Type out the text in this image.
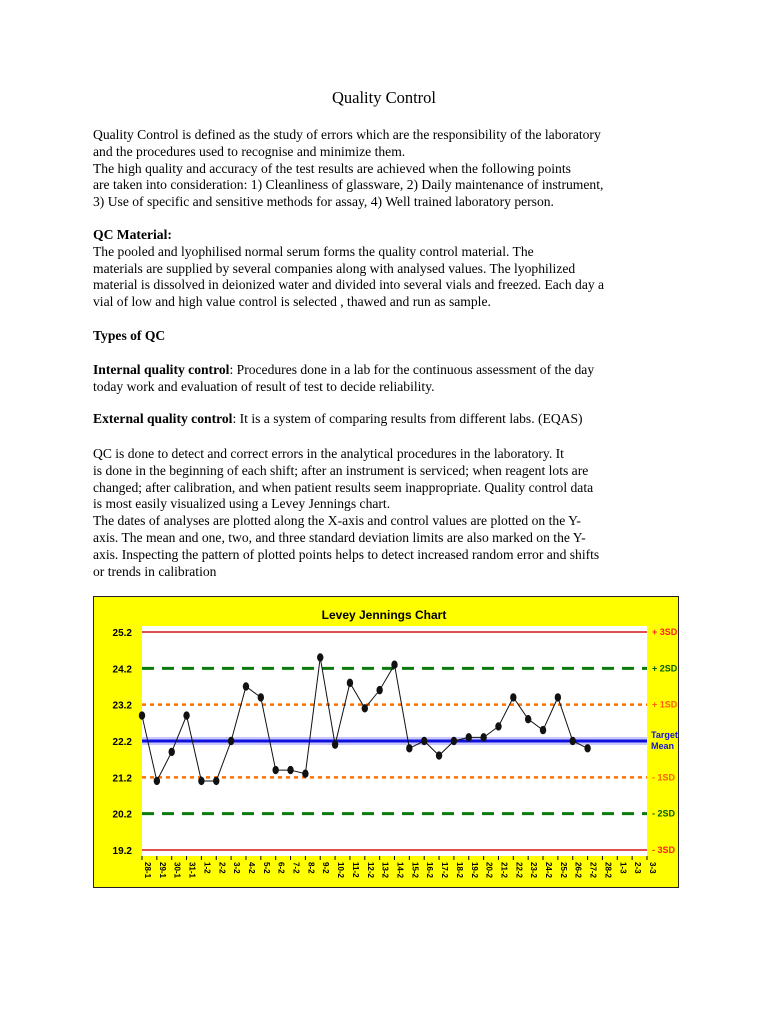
Quality Control
Quality Control is defined as the study of errors which are the responsibility of the laboratory
and the procedures used to recognise and minimize them.
The high quality and accuracy of the test results are achieved when the following points
are taken into consideration: 1) Cleanliness of glassware, 2) Daily maintenance of instrument,
3) Use of specific and sensitive methods for assay, 4) Well trained laboratory person.
QC Material:
The pooled and lyophilised normal serum forms the quality control material. The
materials are supplied by several companies along with analysed values. The lyophilized
material is dissolved in deionized water and divided into several vials and freezed. Each day a
vial of low and high value control is selected , thawed and run as sample.
Types of QC
Internal quality control: Procedures done in a lab for the continuous assessment of the day
today work and evaluation of result of test to decide reliability.
External quality control: It is a system of comparing results from different labs. (EQAS)
QC is done to detect and correct errors in the analytical procedures in the laboratory. It
is done in the beginning of each shift; after an instrument is serviced; when reagent lots are
changed; after calibration, and when patient results seem inappropriate. Quality control data
is most easily visualized using a Levey Jennings chart.
The dates of analyses are plotted along the X-axis and control values are plotted on the Y-
axis. The mean and one, two, and three standard deviation limits are also marked on the Y-
axis. Inspecting the pattern of plotted points helps to detect increased random error and shifts
or trends in calibration
Levey Jennings Chart
+ 3SD
+ 2SD
+ 1SD
Target Mean
- 1SD
- 2SD
- 3SD
25.2
24.2
23.2
22.2
21.2
20.2
19.2
28-1 29-1 30-1 31-1 1-2 2-2 3-2 4-2 5-2 6-2 7-2 8-2 9-2 10-2 11-2 12-2 13-2 14-2 15-2 16-2 17-2 18-2 19-2 20-2 21-2 22-2 23-2 24-2 25-2 26-2 27-2 28-2 1-3 2-3 3-3
